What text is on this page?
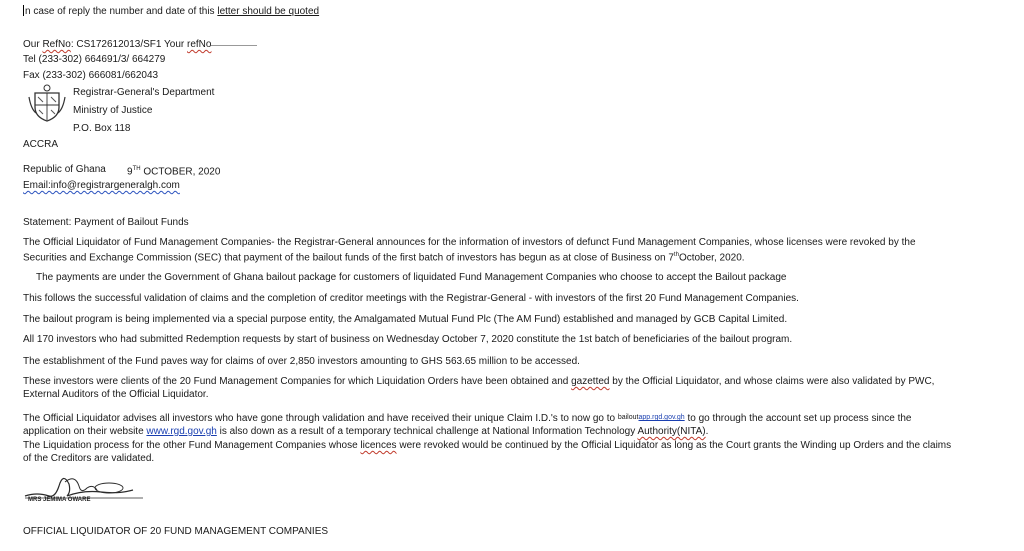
n case of reply the number and date of this letter should be quoted
Our RefNo: CS172612013/SF1 Your refNo
Tel (233-302) 664691/3/ 664279
Fax (233-302) 666081/662043
Registrar-General's Department
Ministry of Justice
P.O. Box 118
ACCRA
Republic of Ghana 9TH OCTOBER, 2020
Email:info@registrargeneralgh.com
Statement: Payment of Bailout Funds
The Official Liquidator of Fund Management Companies- the Registrar-General announces for the information of investors of defunct Fund Management Companies, whose licenses were revoked by the Securities and Exchange Commission (SEC) that payment of the bailout funds of the first batch of investors has begun as at close of Business on 7thOctober, 2020.
The payments are under the Government of Ghana bailout package for customers of liquidated Fund Management Companies who choose to accept the Bailout package
This follows the successful validation of claims and the completion of creditor meetings with the Registrar-General - with investors of the first 20 Fund Management Companies.
The bailout program is being implemented via a special purpose entity, the Amalgamated Mutual Fund Plc (The AM Fund) established and managed by GCB Capital Limited.
All 170 investors who had submitted Redemption requests by start of business on Wednesday October 7, 2020 constitute the 1st batch of beneficiaries of the bailout program.
The establishment of the Fund paves way for claims of over 2,850 investors amounting to GHS 563.65 million to be accessed.
These investors were clients of the 20 Fund Management Companies for which Liquidation Orders have been obtained and gazetted by the Official Liquidator, and whose claims were also validated by PWC, External Auditors of the Official Liquidator.
The Official Liquidator advises all investors who have gone through validation and have received their unique Claim I.D.'s to now go to $^{bailoutapp.rgd.gov.gh}$ to go through the account set up process since the application on their website www.rgd.gov.gh is also down as a result of a temporary technical challenge at National Information Technology Authority(NITA).
The Liquidation process for the other Fund Management Companies whose licences were revoked would be continued by the Official Liquidator as long as the Court grants the Winding up Orders and the claims of the Creditors are validated.
MRS JEMIMA OWARE
OFFICIAL LIQUIDATOR OF 20 FUND MANAGEMENT COMPANIES
